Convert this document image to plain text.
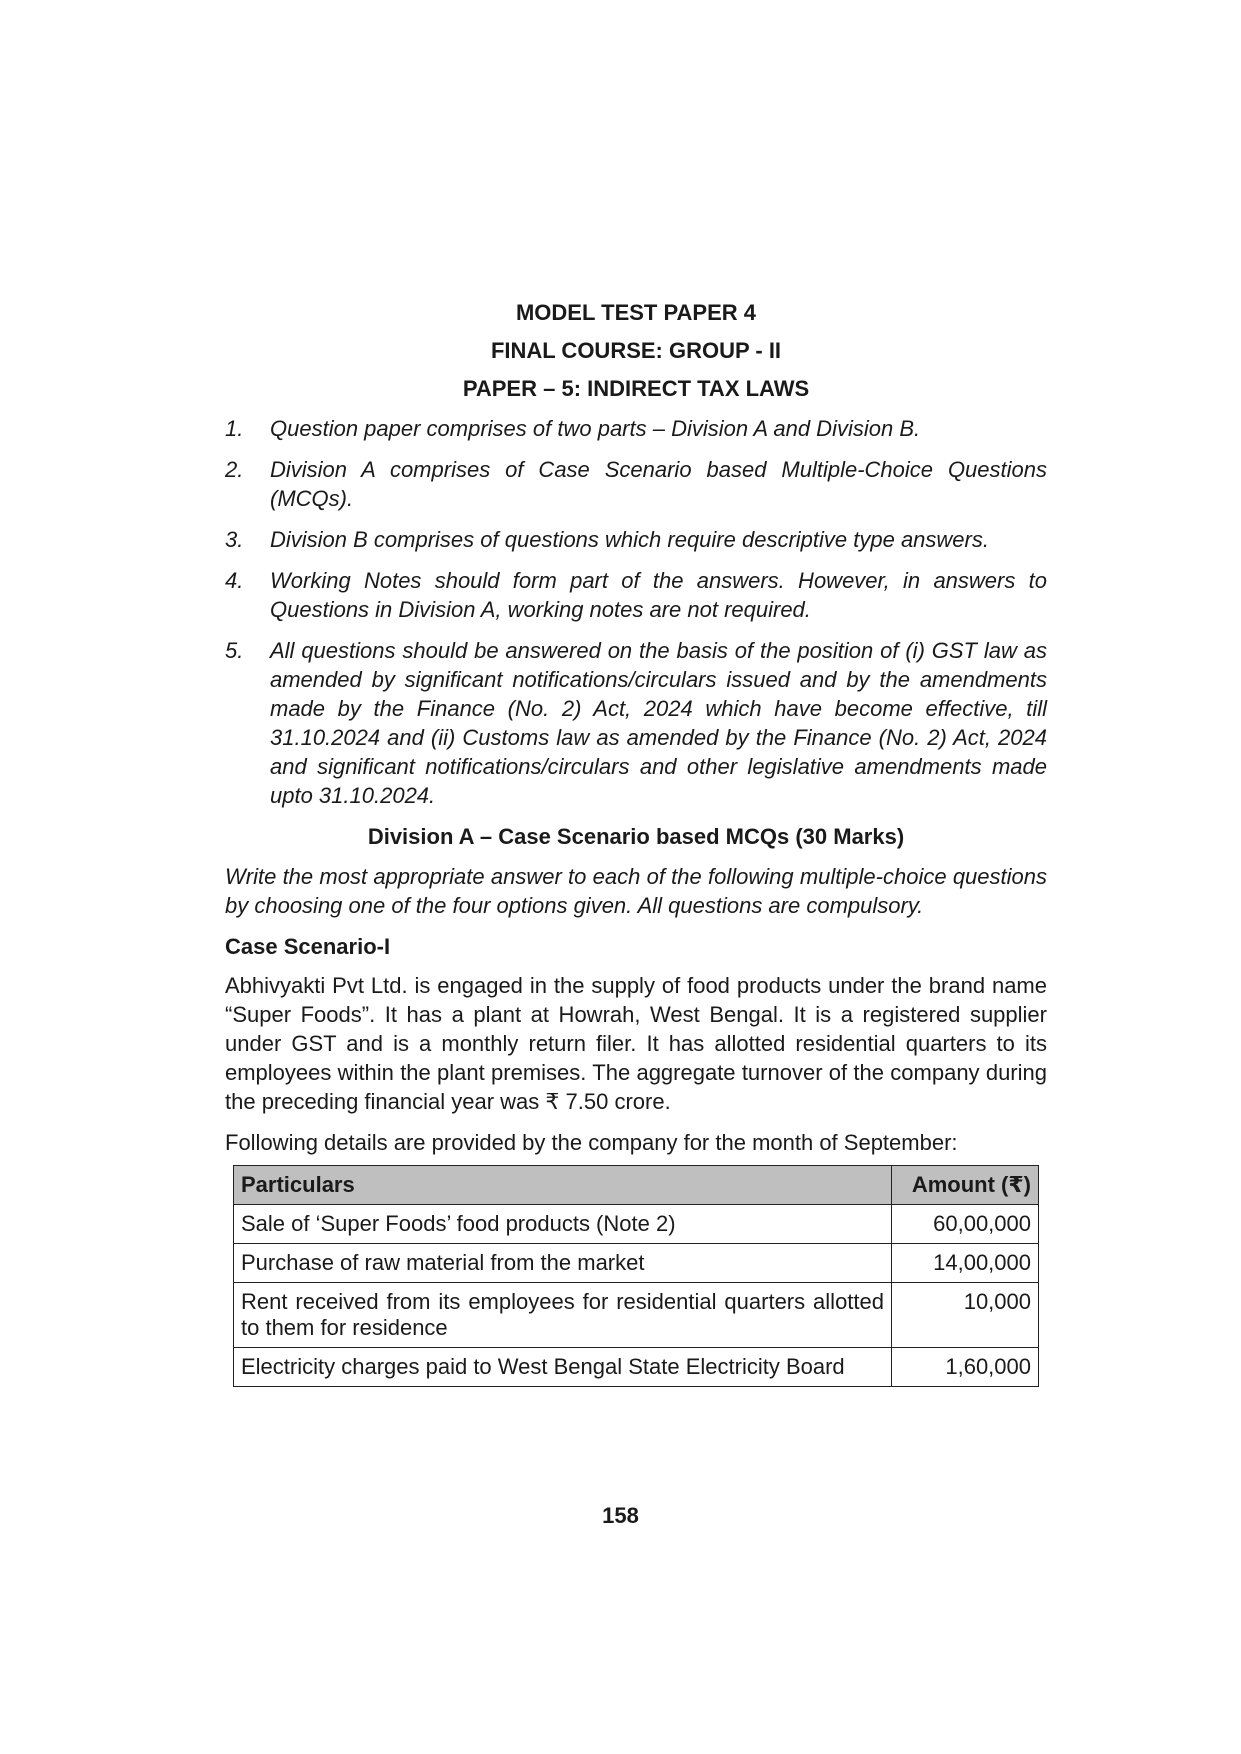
MODEL TEST PAPER 4
FINAL COURSE: GROUP - II
PAPER – 5: INDIRECT TAX LAWS
1. Question paper comprises of two parts – Division A and Division B.
2. Division A comprises of Case Scenario based Multiple-Choice Questions (MCQs).
3. Division B comprises of questions which require descriptive type answers.
4. Working Notes should form part of the answers. However, in answers to Questions in Division A, working notes are not required.
5. All questions should be answered on the basis of the position of (i) GST law as amended by significant notifications/circulars issued and by the amendments made by the Finance (No. 2) Act, 2024 which have become effective, till 31.10.2024 and (ii) Customs law as amended by the Finance (No. 2) Act, 2024 and significant notifications/circulars and other legislative amendments made upto 31.10.2024.
Division A – Case Scenario based MCQs (30 Marks)
Write the most appropriate answer to each of the following multiple-choice questions by choosing one of the four options given. All questions are compulsory.
Case Scenario-I
Abhivyakti Pvt Ltd. is engaged in the supply of food products under the brand name “Super Foods”. It has a plant at Howrah, West Bengal. It is a registered supplier under GST and is a monthly return filer. It has allotted residential quarters to its employees within the plant premises. The aggregate turnover of the company during the preceding financial year was ₹ 7.50 crore.
Following details are provided by the company for the month of September:
Particulars	Amount (₹)
Sale of ‘Super Foods’ food products (Note 2)	60,00,000
Purchase of raw material from the market	14,00,000
Rent received from its employees for residential quarters allotted to them for residence	10,000
Electricity charges paid to West Bengal State Electricity Board	1,60,000
158
